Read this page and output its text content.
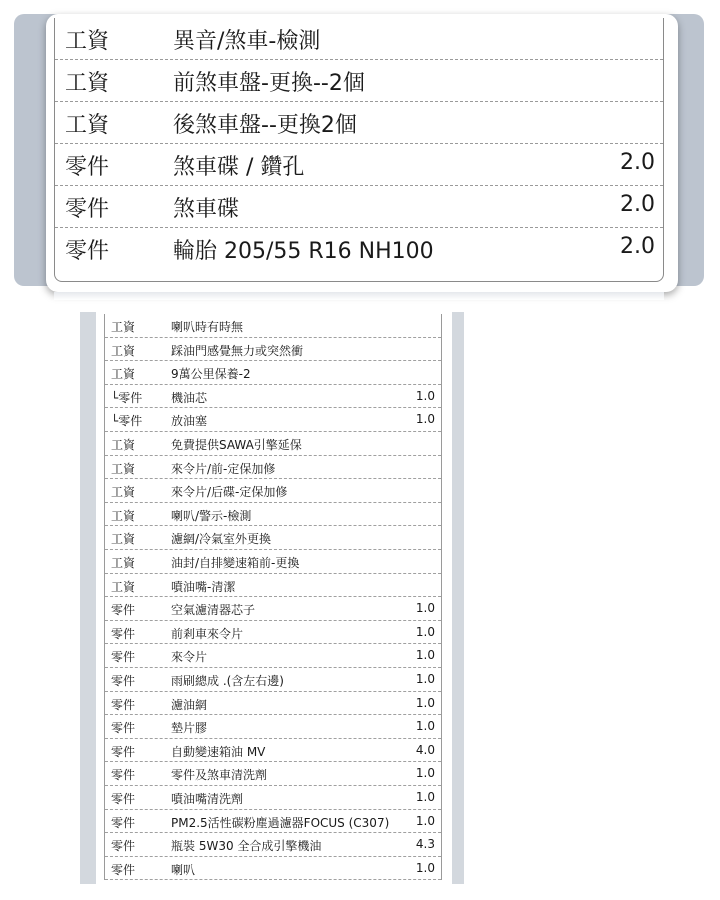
工資	異音/煞車-檢測
工資	前煞車盤-更換--2個
工資	後煞車盤--更換2個
零件	煞車碟 / 鑽孔	2.0
零件	煞車碟	2.0
零件	輪胎 205/55 R16 NH100	2.0
工資	喇叭時有時無
工資	踩油門感覺無力或突然衝
工資	9萬公里保養-2
└零件 機油芯	1.0
└零件 放油塞	1.0
工資	免費提供SAWA引擎延保
工資	來令片/前-定保加修
工資	來令片/后碟-定保加修
工資	喇叭/警示-檢測
工資	濾網/冷氣室外更換
工資	油封/自排變速箱前-更換
工資	噴油嘴-清潔
零件	空氣濾清器芯子	1.0
零件	前剎車來令片	1.0
零件	來令片	1.0
零件	雨刷總成 .(含左右邊)	1.0
零件	濾油網	1.0
零件	墊片膠	1.0
零件	自動變速箱油 MV	4.0
零件	零件及煞車清洗劑	1.0
零件	噴油嘴清洗劑	1.0
零件	PM2.5活性碳粉塵過濾器FOCUS (C307) 1.0
零件	瓶裝 5W30 全合成引擎機油	4.3
零件	喇叭	1.0
